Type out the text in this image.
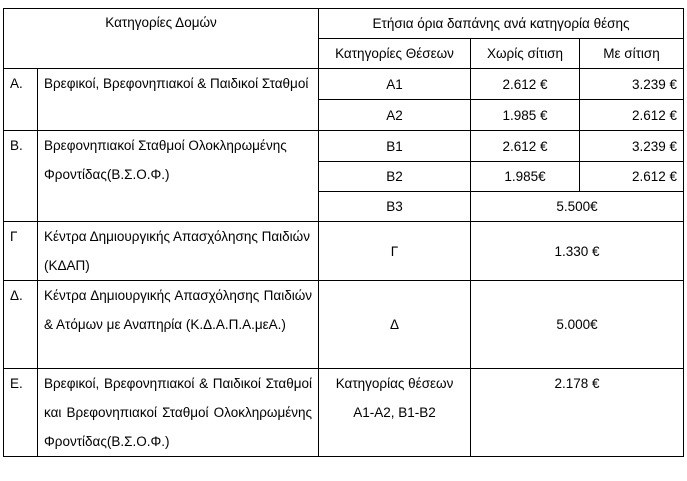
Κατηγορίες Δομών		Ετήσια όρια δαπάνης ανά κατηγορία θέσης		
		Κατηγορίες Θέσεων	Χωρίς σίτιση	Με σίτιση
Α.	Βρεφικοί, Βρεφονηπιακοί & Παιδικοί Σταθμοί	Α1	2.612 €	3.239 €
		Α2	1.985 €	2.612 €
Β.	Βρεφονηπιακοί Σταθμοί Ολοκληρωμένης Φροντίδας(Β.Σ.Ο.Φ.)	Β1	2.612 €	3.239 €
		Β2	1.985€	2.612 €
		Β3	5.500€	
Γ	Κέντρα Δημιουργικής Απασχόλησης Παιδιών (ΚΔΑΠ)	Γ	1.330 €	
Δ.	Κέντρα Δημιουργικής Απασχόλησης Παιδιών & Ατόμων με Αναπηρία (Κ.Δ.Α.Π.Α.μεΑ.)	Δ	5.000€	
Ε.	Βρεφικοί, Βρεφονηπιακοί & Παιδικοί Σταθμοί και Βρεφονηπιακοί Σταθμοί Ολοκληρωμένης Φροντίδας(Β.Σ.Ο.Φ.)	Κατηγορίας θέσεων Α1-Α2, Β1-Β2	2.178 €	
